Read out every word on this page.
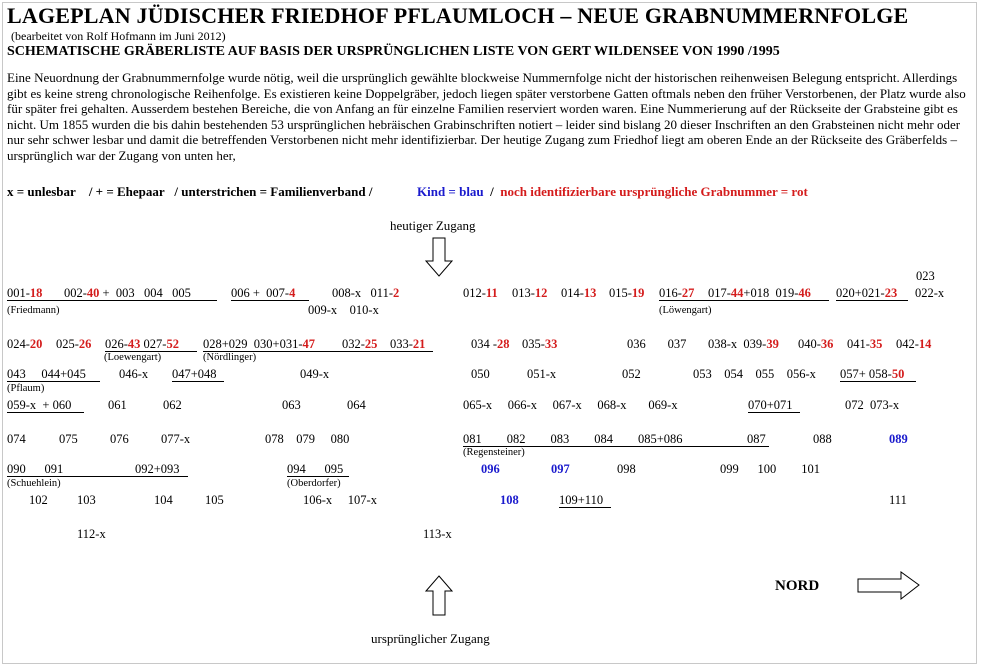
LAGEPLAN JÜDISCHER FRIEDHOF PFLAUMLOCH – NEUE GRABNUMMERNFOLGE
(bearbeitet von Rolf Hofmann im Juni 2012)
SCHEMATISCHE GRÄBERLISTE AUF BASIS DER URSPRÜNGLICHEN LISTE VON GERT WILDENSEE VON 1990 /1995
Eine Neuordnung der Grabnummernfolge wurde nötig, weil die ursprünglich gewählte blockweise Nummernfolge nicht der historischen reihenweisen Belegung entspricht. Allerdings gibt es keine streng chronologische Reihenfolge. Es existieren keine Doppelgräber, jedoch liegen später verstorbene Gatten oftmals neben den früher Verstorbenen, der Platz wurde also für später frei gehalten. Ausserdem bestehen Bereiche, die von Anfang an für einzelne Familien reserviert worden waren. Eine Nummerierung auf der Rückseite der Grabsteine gibt es nicht. Um 1855 wurden die bis dahin bestehenden 53 ursprünglichen hebräischen Grabinschriften notiert – leider sind bislang 20 dieser Inschriften an den Grabsteinen nicht mehr oder nur sehr schwer lesbar und damit die betreffenden Verstorbenen nicht mehr identifizierbar. Der heutige Zugang zum Friedhof liegt am oberen Ende an der Rückseite des Gräberfelds – ursprünglich war der Zugang von unten her,
x = unlesbar / + = Ehepaar / unterstrichen = Familienverband /	Kind = blau / noch identifizierbare ursprüngliche Grabnummer = rot
heutiger Zugang
023
001-18 002-40 +  003   004   005	006 +  007-4	008-x   011-2	012-11 013-12 014-13 015-19 016-27 017-44+018  019-46 020+021-23 022-x
009-x    010-x
(Friedmann)	(Löwengart)
024-20 025-26 026-43 027-52 028+029  030+031-47 032-25 033-21	034 -28 035-33	036       037 038-x  039-39 040-36 041-35 042-14
(Loewengart)	(Nördlinger)
043     044+045	046-x 047+048	049-x	050	051-x	052	053    054    055    056-x 057+ 058-50
(Pflaum)
059-x  + 060	061	062	063	064	065-x     066-x     067-x     068-x       069-x	070+071	072  073-x
074	075	076	077-x	078    079     080	081        082        083        084        085+086	087	088	089
(Regensteiner)
090      091	092+093	094      095	096	097	098	099      100        101
(Schuehlein)	(Oberdorfer)
102 103	104	105	106-x     107-x	108	109+110	111
112-x	113-x
ursprünglicher Zugang
NORD
